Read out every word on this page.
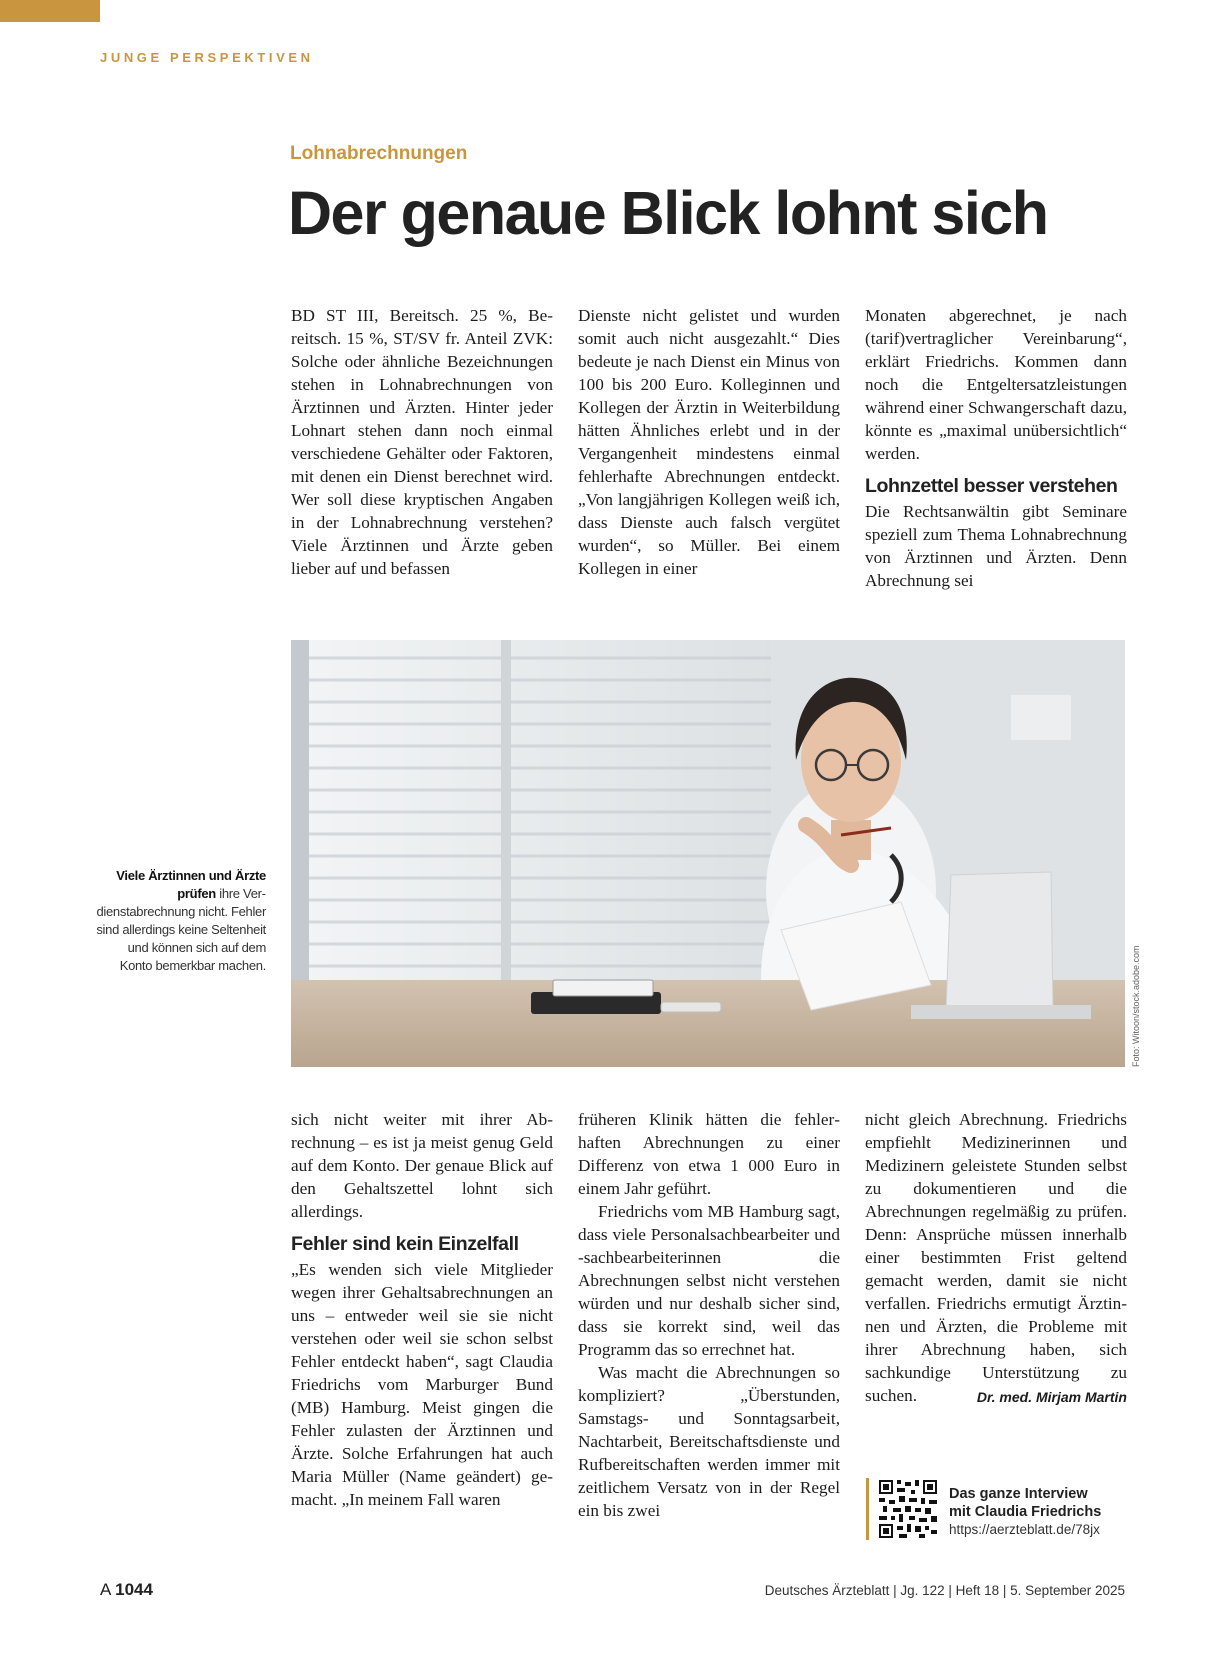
JUNGE PERSPEKTIVEN
Lohnabrechnungen
Der genaue Blick lohnt sich

BD ST III, Bereitsch. 25 %, Bereitsch. 15 %, ST/SV fr. Anteil ZVK: Solche oder ähnliche Bezeichnungen stehen in Lohnabrechnungen von Ärztinnen und Ärzten. Hinter jeder Lohnart stehen dann noch einmal verschiedene Gehälter oder Faktoren, mit denen ein Dienst berechnet wird. Wer soll diese kryptischen Angaben in der Lohnabrechnung verstehen? Viele Ärztinnen und Ärzte geben lieber auf und befassen

Dienste nicht gelistet und wurden somit auch nicht ausgezahlt.“ Dies bedeute je nach Dienst ein Minus von 100 bis 200 Euro. Kolleginnen und Kollegen der Ärztin in Weiterbildung hätten Ähnliches erlebt und in der Vergangenheit mindestens einmal fehlerhafte Abrechnungen entdeckt. „Von langjährigen Kollegen weiß ich, dass Dienste auch falsch vergütet wurden“, so Müller. Bei einem Kollegen in einer

Monaten abgerechnet, je nach (tarif)vertraglicher Vereinbarung“, erklärt Friedrichs. Kommen dann noch die Entgeltersatzleistungen während einer Schwangerschaft dazu, könnte es „maximal unübersichtlich“ werden.

Lohnzettel besser verstehen

Die Rechtsanwältin gibt Seminare speziell zum Thema Lohnabrechnung von Ärztinnen und Ärzten. Denn Abrechnung sei

Viele Ärztinnen und Ärzte prüfen ihre Verdienstabrechnung nicht. Fehler sind allerdings keine Seltenheit und können sich auf dem Konto bemerkbar machen.	Foto: Witoon/stock.adobe.com

sich nicht weiter mit ihrer Abrechnung – es ist ja meist genug Geld auf dem Konto. Der genaue Blick auf den Gehaltszettel lohnt sich allerdings.

Fehler sind kein Einzelfall

„Es wenden sich viele Mitglieder wegen ihrer Gehaltsabrechnungen an uns – entweder weil sie sie nicht verstehen oder weil sie schon selbst Fehler entdeckt haben“, sagt Claudia Friedrichs vom Marburger Bund (MB) Hamburg. Meist gingen die Fehler zulasten der Ärztinnen und Ärzte. Solche Erfahrungen hat auch Maria Müller (Name geändert) gemacht. „In meinem Fall waren

früheren Klinik hätten die fehlerhaften Abrechnungen zu einer Differenz von etwa 1 000 Euro in einem Jahr geführt.

Friedrichs vom MB Hamburg sagt, dass viele Personalsachbearbeiter und -sachbearbeiterinnen die Abrechnungen selbst nicht verstehen würden und nur deshalb sicher sind, dass sie korrekt sind, weil das Programm das so errechnet hat.

Was macht die Abrechnungen so kompliziert? „Überstunden, Samstags- und Sonntagsarbeit, Nachtarbeit, Bereitschaftsdienste und Rufbereitschaften werden immer mit zeitlichem Versatz von in der Regel ein bis zwei

nicht gleich Abrechnung. Friedrichs empfiehlt Medizinerinnen und Medizinern geleistete Stunden selbst zu dokumentieren und die Abrechnungen regelmäßig zu prüfen. Denn: Ansprüche müssen innerhalb einer bestimmten Frist geltend gemacht werden, damit sie nicht verfallen. Friedrichs ermutigt Ärztinnen und Ärzten, die Probleme mit ihrer Abrechnung haben, sich sachkundige Unterstützung zu suchen.	Dr. med. Mirjam Martin

Das ganze Interview
mit Claudia Friedrichs
https://aerzteblatt.de/78jx
A 1044	Deutsches Ärzteblatt | Jg. 122 | Heft 18 | 5. September 2025
